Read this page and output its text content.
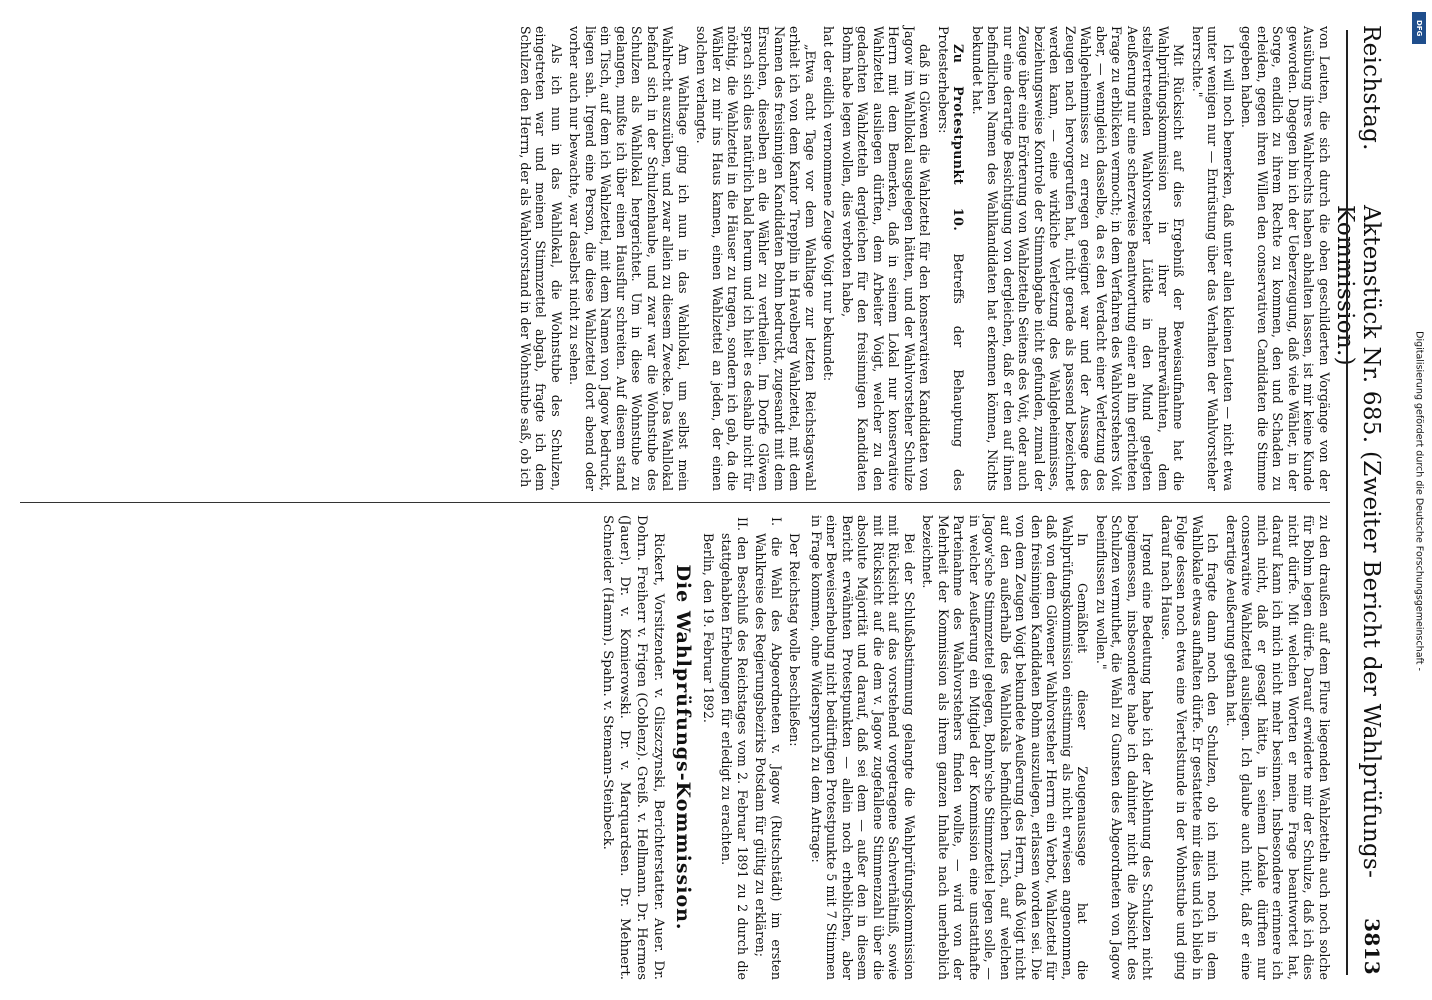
Reichstag.
Aktenstück Nr. 685. (Zweiter Bericht der Wahlprüfungs-Kommission.)
3813

von Leuten, die sich durch die oben geschilderten Vorgänge von der Ausübung ihres Wahlrechts haben abhalten lassen, ist mir keine Kunde geworden. Dagegen bin ich der Ueberzeugung, daß viele Wähler, in der Sorge, endlich zu ihrem Rechte zu kommen, den und Schaden zu erleiden, gegen ihren Willen den conservativen Candidaten die Stimme gegeben haben.

Ich will noch bemerken, daß unter allen kleinen Leuten — nicht etwa unter wenigen nur — Entrüstung über das Verhalten der Wahlvorsteher herrschte."

Mit Rücksicht auf dies Ergebniß der Beweisaufnahme hat die Wahlprüfungskommission in ihrer mehrerwähnten, dem stellvertretenden Wahlvorsteher Lüdtke in den Mund gelegten Aeußerung nur eine scherzweise Beantwortung einer an ihn gerichteten Frage zu erblicken vermocht; in dem Verfahren des Wahlvorstehers Voit aber, — wenngleich dasselbe, da es den Verdacht einer Verletzung des Wahlgeheimnisses zu erregen geeignet war und der Aussage des Zeugen nach hervorgerufen hat, nicht gerade als passend bezeichnet werden kann, — eine wirkliche Verletzung des Wahlgeheimnisses, beziehungsweise Kontrole der Stimmabgabe nicht gefunden, zumal der Zeuge über eine Erörterung von Wahlzetteln Seitens des Voit, oder auch nur eine derartige Besichtigung von dergleichen, daß er den auf ihnen befindlichen Namen des Wahlkandidaten hat erkennen können, Nichts bekundet hat.

Zu Protestpunkt 10. Betreffs der Behauptung des Protesterhebers:

daß in Glöwen die Wahlzettel für den konservativen Kandidaten von Jagow im Wahllokal ausgelegen hätten, und der Wahlvorsteher Schulze Herrn mit dem Bemerken, daß in seinem Lokal nur konservative Wahlzettel ausliegen dürften, dem Arbeiter Voigt, welcher zu den gedachten Wahlzetteln dergleichen für den freisinnigen Kandidaten Bohm habe legen wollen, dies verboten habe,

hat der eidlich vernommene Zeuge Voigt nur bekundet:

„Etwa acht Tage vor dem Wahltage zur letzten Reichstagswahl erhielt ich von dem Kantor Trepplin in Havelberg Wahlzettel, mit dem Namen des freisinnigen Kandidaten Bohm bedruckt, zugesandt mit dem Ersuchen, dieselben an die Wähler zu vertheilen. Im Dorfe Glöwen sprach sich dies natürlich bald herum und ich hielt es deshalb nicht für nöthig, die Wahlzettel in die Häuser zu tragen, sondern ich gab, da die Wähler zu mir ins Haus kamen, einen Wahlzettel an jeden, der einen solchen verlangte.

Am Wahltage ging ich nun in das Wahllokal, um selbst mein Wahlrecht auszuüben, und zwar allein zu diesem Zwecke. Das Wahllokal befand sich in der Schulzenhaube, und zwar war die Wohnstube des Schulzen als Wahllokal hergerichtet. Um in diese Wohnstube zu gelangen, mußte ich über einen Hausflur schreiten. Auf diesem stand ein Tisch, auf dem ich Wahlzettel, mit dem Namen von Jagow bedruckt, liegen sah. Irgend eine Person, die diese Wahlzettel dort abend oder vorher auch nur bewachte, war daselbst nicht zu sehen.

Als ich nun in das Wahllokal, die Wohnstube des Schulzen, eingetreten war und meinen Stimmzettel abgab, fragte ich dem Schulzen den Herrn, der als Wahlvorstand in der Wohnstube saß, ob ich

zu den draußen auf dem Flure liegenden Wahlzetteln auch noch solche für Bohm legen dürfe. Darauf erwiderte mir der Schulze, daß ich dies nicht dürfe. Mit welchen Worten er meine Frage beantwortet hat, darauf kann ich mich nicht mehr besinnen. Insbesondere erinnere ich mich nicht, daß er gesagt hätte, in seinem Lokale dürften nur conservative Wahlzettel ausliegen. Ich glaube auch nicht, daß er eine derartige Aeußerung gethan hat.

Ich fragte dann noch den Schulzen, ob ich mich noch in dem Wahllokale etwas aufhalten dürfe. Er gestattete mir dies und ich blieb in Folge dessen noch etwa eine Viertelstunde in der Wohnstube und ging darauf nach Hause.

Irgend eine Bedeutung habe ich der Ablehnung des Schulzen nicht beigemessen, insbesondere habe ich dahinter nicht die Absicht des Schulzen vermuthet, die Wahl zu Gunsten des Abgeordneten von Jagow beeinflussen zu wollen."

In Gemäßheit dieser Zeugenaussage hat die Wahlprüfungskommission einstimmig als nicht erwiesen angenommen, daß von dem Glöwener Wahlvorsteher Herrn ein Verbot, Wahlzettel für den freisinnigen Kandidaten Bohm auszulegen, erlassen worden sei. Die von dem Zeugen Voigt bekundete Aeußerung des Herrn, daß Voigt nicht auf den außerhalb des Wahllokals befindlichen Tisch, auf welchen Jagow'sche Stimmzettel gelegen, Bohm'sche Stimmzettel legen solle, — in welcher Aeußerung ein Mitglied der Kommission eine unstatthafte Parteinahme des Wahlvorstehers finden wollte, — wird von der Mehrheit der Kommission als ihrem ganzen Inhalte nach unerheblich bezeichnet.

Bei der Schlußabstimmung gelangte die Wahlprüfungskommission mit Rücksicht auf das vorstehend vorgetragene Sachverhältniß, sowie mit Rücksicht auf die dem v. Jagow zugefallene Stimmenzahl über die absolute Majorität und darauf, daß sei dem — außer den in diesem Bericht erwähnten Protestpunkten — allein noch erheblichen, aber einer Beweiserhebung nicht bedürftigen Protestpunkte 5 mit 7 Stimmen in Frage kommen, ohne Widerspruch zu dem Antrage:

Der Reichstag wolle beschließen:

I. die Wahl des Abgeordneten v. Jagow (Rutschstädt) im ersten Wahlkreise des Regierungsbezirks Potsdam für gültig zu erklären;

II. den Beschluß des Reichstages vom 2. Februar 1891 zu 2 durch die stattgehabten Erhebungen für erledigt zu erachten.

Berlin, den 19. Februar 1892.

Die Wahlprüfungs-Kommission.

Rickert, Vorsitzender. v. Gliszczynski, Berichterstatter. Auer. Dr. Dohrn. Freiherr v. Frigen (Coblenz). Greiß. v. Hellmann. Dr. Hermes (Jauer). Dr. v. Komierowski. Dr. v. Marquardsen. Dr. Mehnert. Schneider (Hamm). Spahn. v. Stemann-Steinbeck.

DFG
Digitalisierung gefördert durch die Deutsche Forschungsgemeinschaft -
